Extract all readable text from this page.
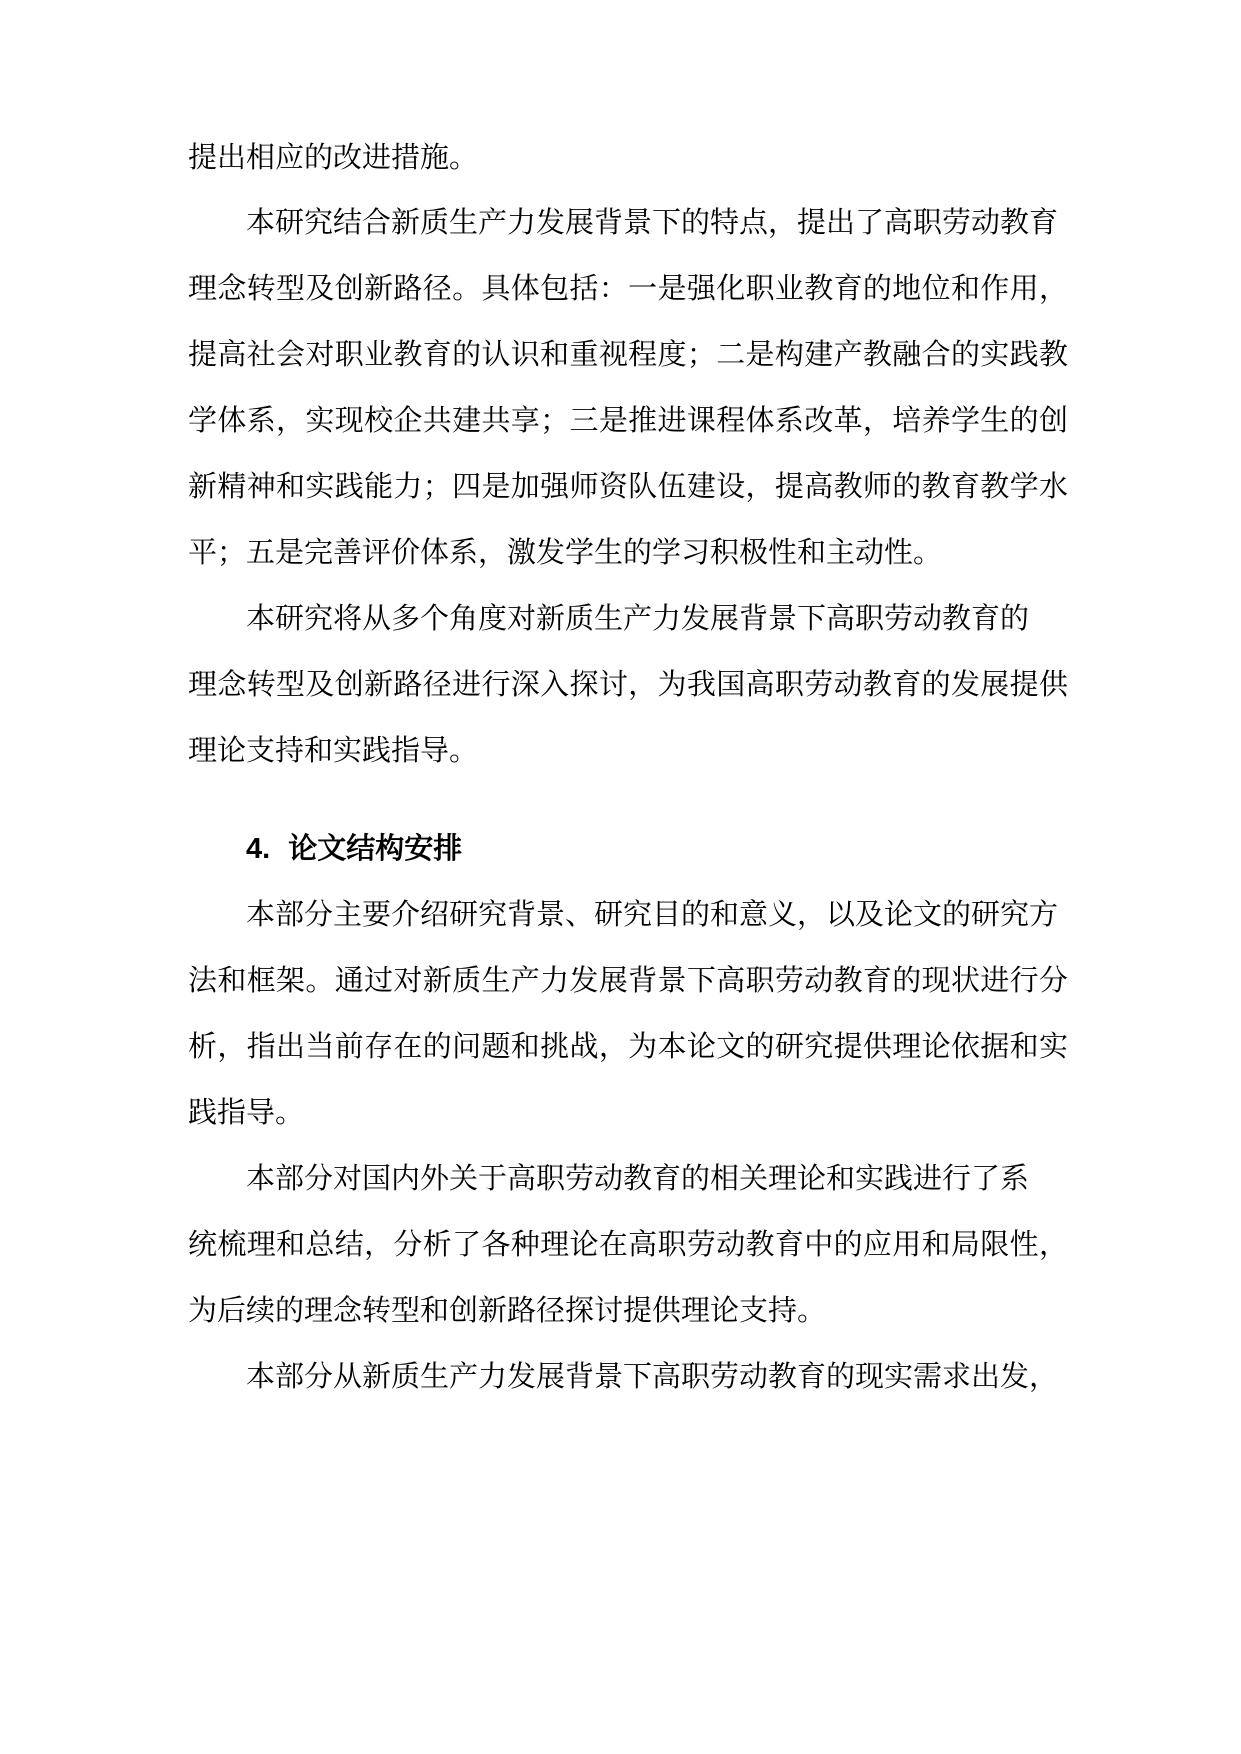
提出相应的改进措施。
本研究结合新质生产力发展背景下的特点，提出了高职劳动教育
理念转型及创新路径。具体包括：一是强化职业教育的地位和作用，
提高社会对职业教育的认识和重视程度；二是构建产教融合的实践教
学体系，实现校企共建共享；三是推进课程体系改革，培养学生的创
新精神和实践能力；四是加强师资队伍建设，提高教师的教育教学水
平；五是完善评价体系，激发学生的学习积极性和主动性。
本研究将从多个角度对新质生产力发展背景下高职劳动教育的
理念转型及创新路径进行深入探讨，为我国高职劳动教育的发展提供
理论支持和实践指导。
4. 论文结构安排
本部分主要介绍研究背景、研究目的和意义，以及论文的研究方
法和框架。通过对新质生产力发展背景下高职劳动教育的现状进行分
析，指出当前存在的问题和挑战，为本论文的研究提供理论依据和实
践指导。
本部分对国内外关于高职劳动教育的相关理论和实践进行了系
统梳理和总结，分析了各种理论在高职劳动教育中的应用和局限性，
为后续的理念转型和创新路径探讨提供理论支持。
本部分从新质生产力发展背景下高职劳动教育的现实需求出发，
